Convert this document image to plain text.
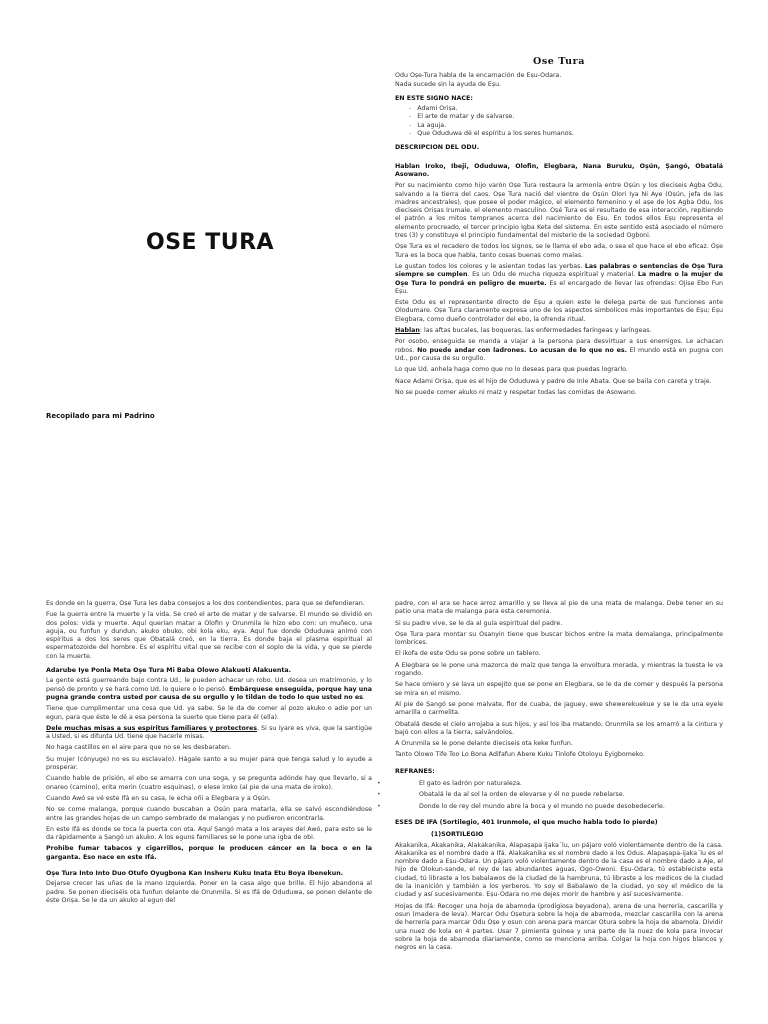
OSE TURA
Recopilado para mi Padrino
Ose Tura

Odu Oṣe-Tura habla de la encarnación de Eṣu-Odara.

Nada sucede sin la ayuda de Eṣu.

EN ESTE SIGNO NACE:
- Adami Oriṣa.
- El arte de matar y de salvarse.
- La aguja.
- Que Oduduwa dé el espíritu a los seres humanos.
DESCRIPCION DEL ODU.

Hablan Iroko, Ibeji, Oduduwa, Olofin, Elegbara, Nana Buruku, Oṣún, Ṣangó, Obatalá Asowano.

Por su nacimiento como hijo varón Oṣe Tura restaura la armonía entre Oṣún y los dieciseis Agba Odu, salvando a la tierra del caos. Oṣe Tura nació del vientre de Oṣún Olori Iya Ni Aye (Oṣún, jefa de las madres ancestrales), que posee el poder mágico, el elemento femenino y el aṣe de los Agba Odu, los dieciseis Oriṣas Irumale, el elemento masculino. Oṣé Tura es el resultado de esa interacción, repitiendo el patrón a los mitos tempranos acerca del nacimiento de Eṣu. En todos ellos Eṣu representa el elemento procreado, el tercer principio Igba Keta del sistema. En este sentido está asociado el número tres (3) y constituye el principio fundamental del misterio de la sociedad Ogboni.

Oṣe Tura es el recadero de todos los signos, se le llama el ebo ada, o sea el que hace el ebo eficaz. Oṣe Tura es la boca que habla, tanto cosas buenas como malas.

Le gustan todos los colores y le asientan todas las yerbas. Las palabras o sentencias de Oṣe Tura siempre se cumplen. Es un Odu de mucha riqueza espiritual y material. La madre o la mujer de Oṣe Tura lo pondrá en peligro de muerte. Es el encargado de llevar las ofrendas: Ojise Ebo Fun Eṣu.

Este Odu es el representante directo de Eṣu a quien este le delega parte de sus funciones ante Olodumare. Oṣe Tura claramente expresa uno de los aspectos simbolicos más importantes de Eṣu; Eṣu Elegbara, como dueño controlador del ebo, la ofrenda ritual.

Hablan: las aftas bucales, las boqueras, las enfermedades faríngeas y laríngeas.

Por osobo, enseguida se manda a viajar a la persona para desvirtuar a sus enemigos. Le achacan robos. No puede andar con ladrones. Lo acusan de lo que no es. El mundo está en pugna con Ud., por causa de su orgullo.

Lo que Ud. anhela haga como que no lo deseas para que puedas lograrlo.

Nace Adami Oriṣa, que es el hijo de Oduduwa y padre de Inle Abata. Que se baila con careta y traje.

No se puede comer akuko ni maíz y respetar todas las comidas de Asowano.

Es donde en la guerra, Oṣe Tura les daba consejos a los dos contendientes, para que se defendieran.

Fue la guerra entre la muerte y la vida. Se creó el arte de matar y de salvarse. El mundo se dividió en dos polos: vida y muerte. Aquí querían matar a Olofin y Orunmila le hizo ebo con: un muñeco, una aguja, ou funfun y dundun, akuko obuko, obi kola eku, eya. Aquí fue donde Oduduwa animó con espíritus a dos los seres que Obatalá creó, en la tierra. Es donde baja el plasma espiritual al espermatozoide del hombre. Es el espíritu vital que se recibe con el soplo de la vida, y que se pierde con la muerte.

Adarube Iye Ponla Meta Oṣe Tura Mi Baba Olowo Alakueti Alakuenta.

La gente está guerreando bajo contra Ud., le pueden achacar un robo. Ud. desea un matrimonio, y lo pensó de pronto y se hará como Ud. lo quiere o lo pensó. Embárquese enseguida, porque hay una pugna grande contra usted por causa de su orgullo y lo tildan de todo lo que usted no es.

Tiene que cumplimentar una cosa que Ud. ya sabe. Se le da de comer al pozo akuko o adie por un egun, para que éste le dé a esa persona la suerte que tiene para él (ella).

Dele muchas misas a sus espíritus familiares y protectores. Si su iyare es viva, que la santigüe a Usted, si es difunta Ud. tiene que hacerle misas.

No haga castillos en el aire para que no se les desbaraten.

Su mujer (cónyuge) no es su esclava(o). Hágale santo a su mujer para que tenga salud y lo ayude a prosperar.

Cuando hable de prisión, el ebo se amarra con una soga, y se pregunta adónde hay que llevarlo, si a onareo (camino), erita merin (cuatro esquinas), o elese iroko (al pie de una mata de iroko).

Cuando Awó se vé este Ifá en su casa, le echa oñi a Elegbara y a Oṣún.

No se come malanga, porque cuando buscaban a Oṣún para matarla, ella se salvó escondiéndose entre las grandes hojas de un campo sembrado de malangas y no pudieron encontrarla.

En este Ifá es donde se toca la puerta con ota. Aquí Ṣangó mata a los arayes del Awó, para esto se le da rápidamente a Ṣangó un akuko. A los eguns familiares se le pone una igba de obi.

Prohibe fumar tabacos y cigarrillos, porque le producen cáncer en la boca o en la garganta. Eso nace en este Ifá.

Oṣe Tura Into Into Duo Otufo Oyugbona Kan Insheru Kuku Inata Etu Boya Ibenekun.

Dejarse crecer las uñas de la mano izquierda. Poner en la casa algo que brille. El hijo abandona al padre. Se ponen dieciséis ota funfun delante de Orunmila. Si es Ifá de Oduduwa, se ponen delante de éste Oriṣa. Se le da un akuko al egun del

padre, con el ara se hace arroz amarillo y se lleva al pie de una mata de malanga. Debe tener en su patio una mata de malanga para esta ceremonia.

Si su padre vive, se le da al guía espiritual del padre.

Oṣe Tura para montar su Osanyin tiene que buscar bichos entre la mata demalanga, principalmente lombrices.

El ikofa de este Odu se pone sobre un tablero.

A Elegbara se le pone una mazorca de maíz que tenga la envoltura morada, y mientras la tuesta le va rogando.

Se hace omiero y se lava un espejito que se pone en Elegbara, se le da de comer y después la persona se mira en el mismo.

Al pie de Ṣangó se pone malvate, flor de cuaba, de jaguey, ewe shewerekuekue y se le da una eyele amarilla o carmelita.

Obatalá desde el cielo arrojaba a sus hijos, y así los iba matando, Orunmila se los amarró a la cintura y bajó con ellos a la tierra, salvándolos.

A Orunmila se le pone delante dieciseis ota keke funfun.

Tanto Olowo Tife Too Lo Bona Adifafun Abere Kuku Tinlofe Otoloyu Eyigbomeko.

REFRANES:
• El gato es ladrón por naturaleza.
• Obatalá le da al sol la orden de elevarse y él no puede rebelarse.
• Donde lo de rey del mundo abre la boca y el mundo no puede desobedecerle.
ESES DE IFA (Sortilegio, 401 Irunmole, el que mucho habla todo lo pierde)
(1)SORTILEGIO

Akakanika, Akakanika, Alakakanika, Alapaṣapa ijaka´lu, un pájaro voló violentamente dentro de la casa. Akakanika es el nombre dado a Ifá. Alakakanika es el nombre dado a los Odus. Alapaṣapa-ijaka´lu es el nombre dado a Eṣu-Odara. Un pájaro voló violentamente dentro de la casa es el nombre dado a Aje, el hijo de Olokun-sande, el rey de las abundantes aguas, Ogo-Owoni. Eṣu-Odara, tú estableciste esta ciudad, tú libraste a los babalawos de la ciudad de la hambruna, tú libraste a los medicos de la ciudad de la inanición y también a los yerberos. Yo soy el Babalawo de la ciudad, yo soy el médico de la ciudad y así sucesivamente. Eṣu-Odara no me dejes morir de hambre y así sucesivamente.

Hojas de Ifá: Recoger una hoja de abamoda (prodigiosa beyadona), arena de una herrería, cascarilla y osun (madera de leva). Marcar Odu Oṣetura sobre la hoja de abamoda, mezclar cascarilla con la arena de herrería para marcar Odu Oṣe y osun con arena para marcar Otura sobre la hoja de abamola. Dividir una nuez de kola en 4 partes. Usar 7 pimienta guinea y una parte de la nuez de kola para invocar sobre la hoja de abamoda diariamente, como se menciona arriba. Colgar la hoja con higos blancos y negros en la casa.
